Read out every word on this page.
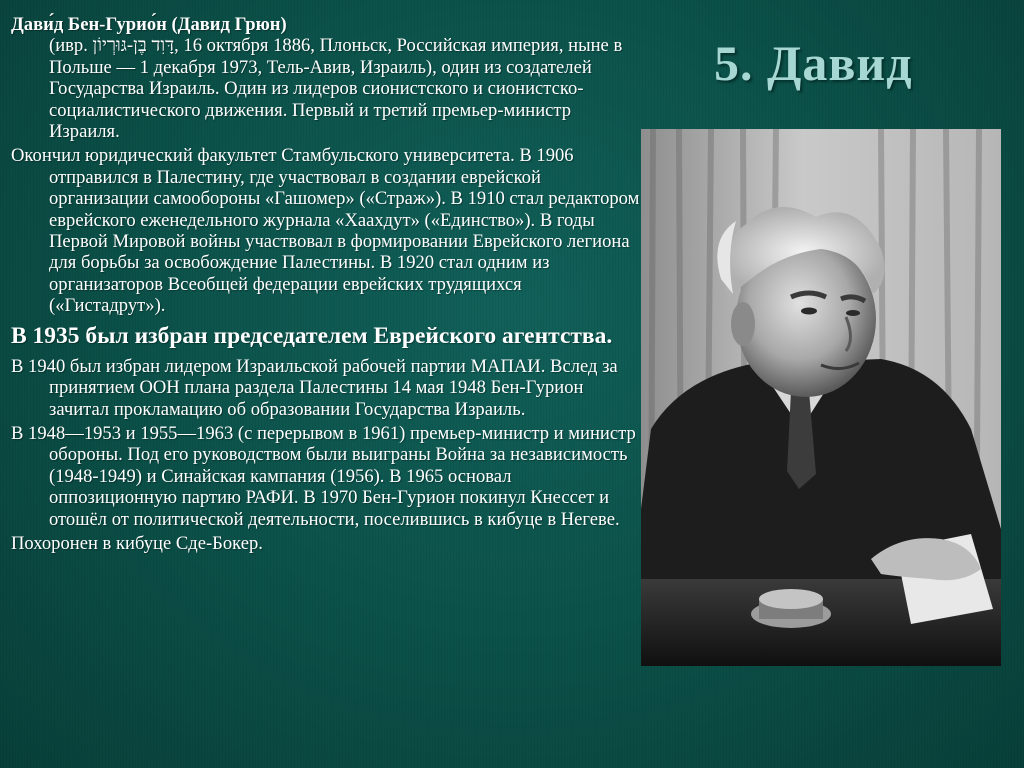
5. Давид

Дави́д Бен-Гурио́н (Давид Грюн)
(ивр. דָּוִד בֶּן-גּוּרְיוֹן, 16 октября 1886, Плоньск, Российская империя, ныне в Польше — 1 декабря 1973, Тель-Авив, Израиль), один из создателей Государства Израиль. Один из лидеров сионистского и сионистско-социалистического движения. Первый и третий премьер-министр Израиля.

Окончил юридический факультет Стамбульского университета. В 1906 отправился в Палестину, где участвовал в создании еврейской организации самообороны «Гашомер» («Страж»). В 1910 стал редактором еврейского еженедельного журнала «Хаахдут» («Единство»). В годы Первой Мировой войны участвовал в формировании Еврейского легиона для борьбы за освобождение Палестины. В 1920 стал одним из организаторов Всеобщей федерации еврейских трудящихся («Гистадрут»).

В 1935 был избран председателем Еврейского агентства.

В 1940 был избран лидером Израильской рабочей партии МАПАИ. Вслед за принятием ООН плана раздела Палестины 14 мая 1948 Бен-Гурион зачитал прокламацию об образовании Государства Израиль.

В 1948—1953 и 1955—1963 (с перерывом в 1961) премьер-министр и министр обороны. Под его руководством были выиграны Война за независимость (1948-1949) и Синайская кампания (1956). В 1965 основал оппозиционную партию РАФИ. В 1970 Бен-Гурион покинул Кнессет и отошёл от политической деятельности, поселившись в кибуце в Негеве.

Похоронен в кибуце Сде-Бокер.
